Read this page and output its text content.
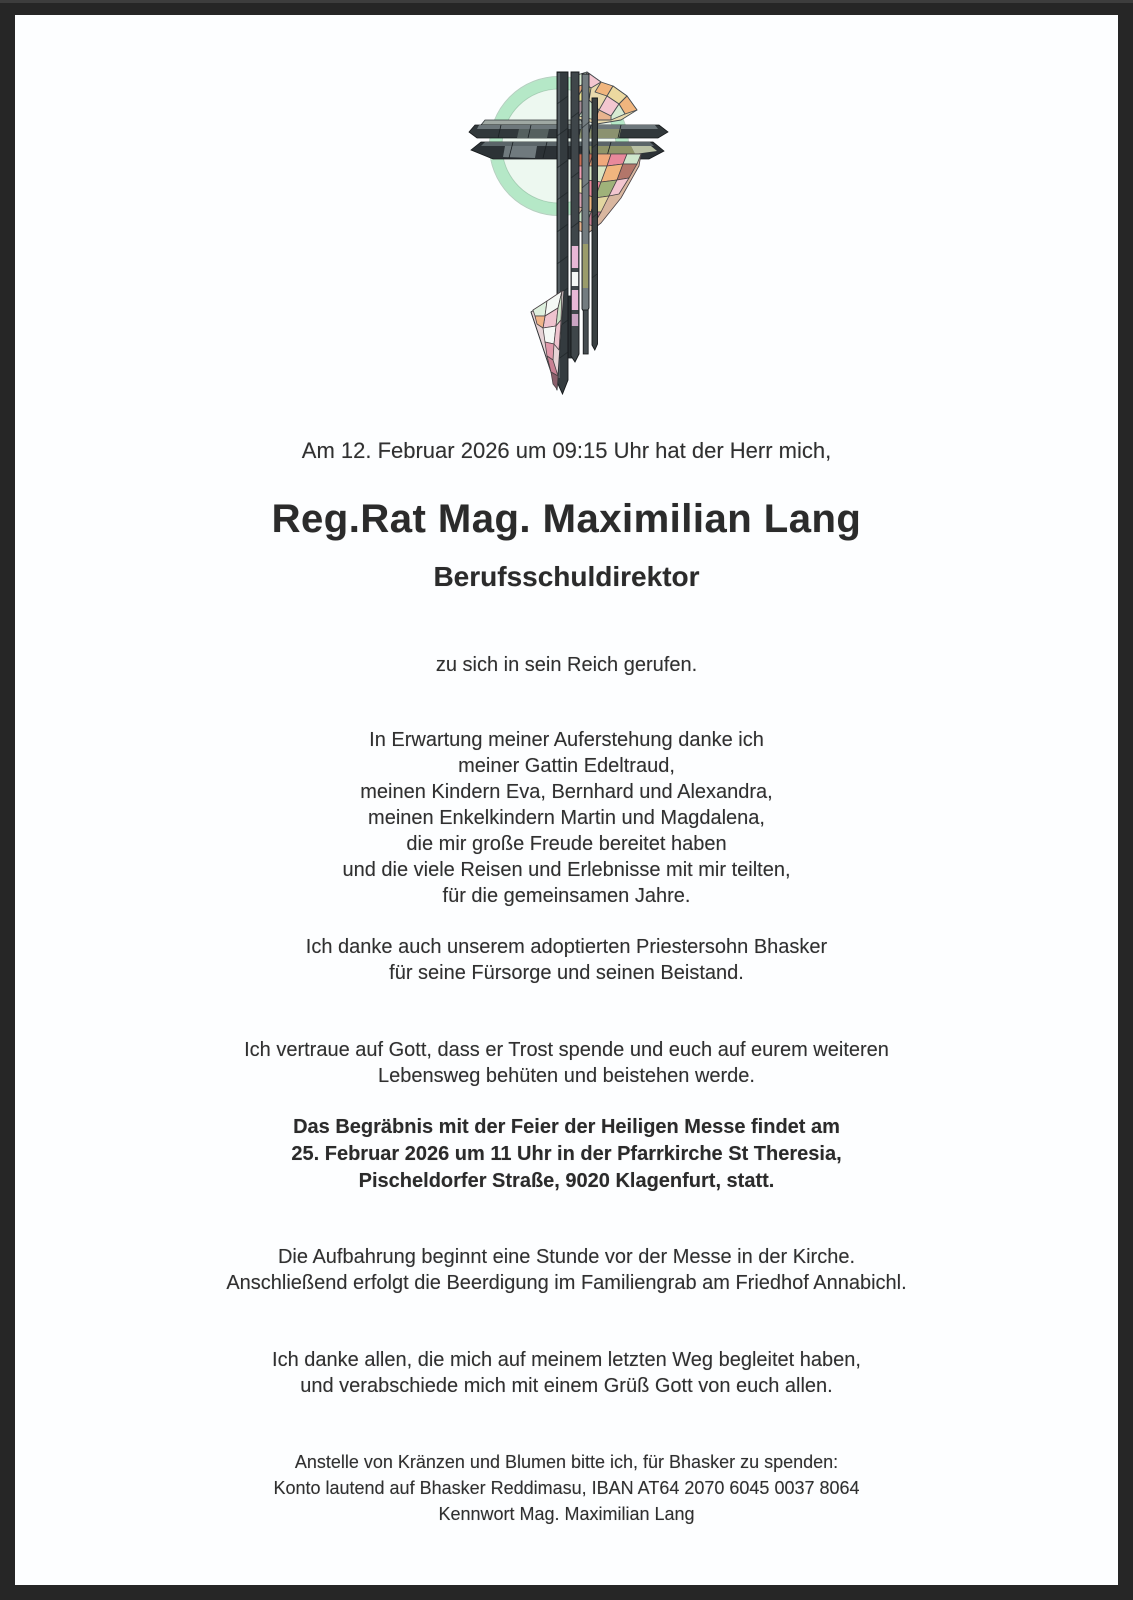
Am 12. Februar 2026 um 09:15 Uhr hat der Herr mich,

Reg.Rat Mag. Maximilian Lang
Berufsschuldirektor

zu sich in sein Reich gerufen.

In Erwartung meiner Auferstehung danke ich
meiner Gattin Edeltraud,
meinen Kindern Eva, Bernhard und Alexandra,
meinen Enkelkindern Martin und Magdalena,
die mir große Freude bereitet haben
und die viele Reisen und Erlebnisse mit mir teilten,
für die gemeinsamen Jahre.

Ich danke auch unserem adoptierten Priestersohn Bhasker
für seine Fürsorge und seinen Beistand.

Ich vertraue auf Gott, dass er Trost spende und euch auf eurem weiteren
Lebensweg behüten und beistehen werde.

Das Begräbnis mit der Feier der Heiligen Messe findet am
25. Februar 2026 um 11 Uhr in der Pfarrkirche St Theresia,
Pischeldorfer Straße, 9020 Klagenfurt, statt.

Die Aufbahrung beginnt eine Stunde vor der Messe in der Kirche.
Anschließend erfolgt die Beerdigung im Familiengrab am Friedhof Annabichl.

Ich danke allen, die mich auf meinem letzten Weg begleitet haben,
und verabschiede mich mit einem Grüß Gott von euch allen.

Anstelle von Kränzen und Blumen bitte ich, für Bhasker zu spenden:
Konto lautend auf Bhasker Reddimasu, IBAN AT64 2070 6045 0037 8064
Kennwort Mag. Maximilian Lang
